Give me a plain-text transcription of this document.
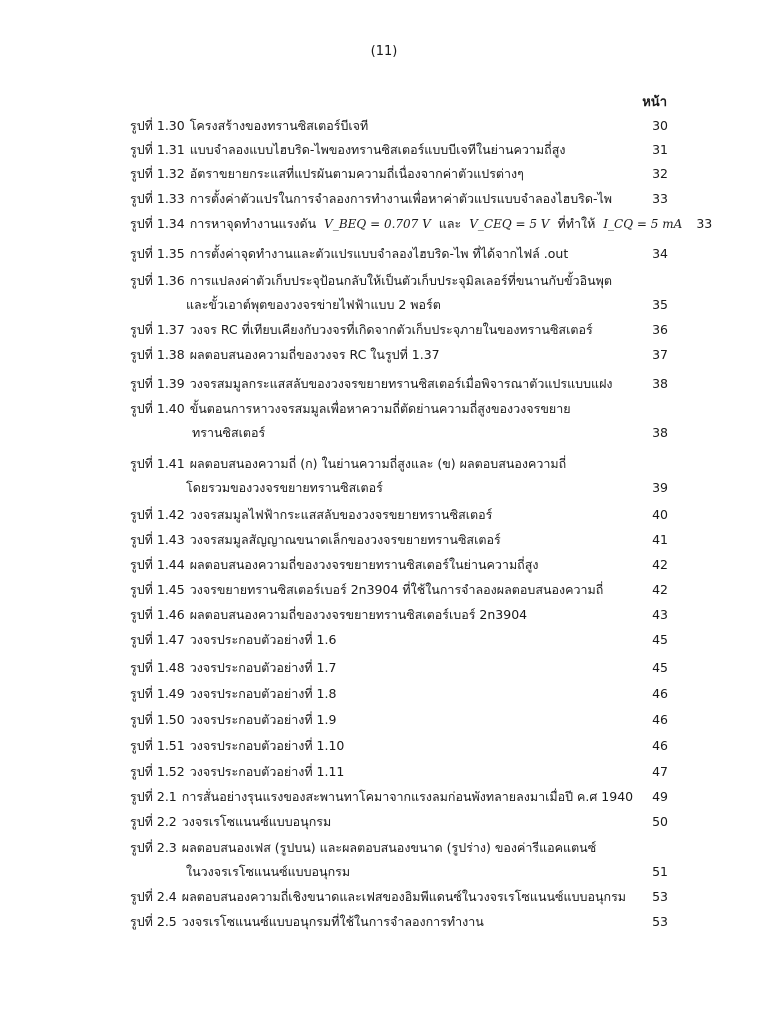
(11)
หน้า
รูปที่ 1.30 โครงสร้างของทรานซิสเตอร์บีเจที	30
รูปที่ 1.31 แบบจำลองแบบไฮบริด-ไพของทรานซิสเตอร์แบบบีเจทีในย่านความถี่สูง	31
รูปที่ 1.32 อัตราขยายกระแสที่แปรผันตามความถี่เนื่องจากค่าตัวแปรต่างๆ	32
รูปที่ 1.33 การตั้งค่าตัวแปรในการจำลองการทำงานเพื่อหาค่าตัวแปรแบบจำลองไฮบริด-ไพ	33
รูปที่ 1.34 การหาจุดทำงานแรงดัน V_BEQ = 0.707 V และ V_CEQ = 5 V ที่ทำให้ I_CQ = 5 mA	33
รูปที่ 1.35 การตั้งค่าจุดทำงานและตัวแปรแบบจำลองไฮบริด-ไพ ที่ได้จากไฟล์ .out	34
รูปที่ 1.36 การแปลงค่าตัวเก็บประจุป้อนกลับให้เป็นตัวเก็บประจุมิลเลอร์ที่ขนานกับขั้วอินพุต
และขั้วเอาต์พุตของวงจรข่ายไฟฟ้าแบบ 2 พอร์ต	35
รูปที่ 1.37 วงจร RC ที่เทียบเคียงกับวงจรที่เกิดจากตัวเก็บประจุภายในของทรานซิสเตอร์	36
รูปที่ 1.38 ผลตอบสนองความถี่ของวงจร RC ในรูปที่ 1.37	37
รูปที่ 1.39 วงจรสมมูลกระแสสลับของวงจรขยายทรานซิสเตอร์เมื่อพิจารณาตัวแปรแบบแฝง	38
รูปที่ 1.40 ขั้นตอนการหาวงจรสมมูลเพื่อหาความถี่ตัดย่านความถี่สูงของวงจรขยาย
ทรานซิสเตอร์	38
รูปที่ 1.41 ผลตอบสนองความถี่ (ก) ในย่านความถี่สูงและ (ข) ผลตอบสนองความถี่
โดยรวมของวงจรขยายทรานซิสเตอร์	39
รูปที่ 1.42 วงจรสมมูลไฟฟ้ากระแสสลับของวงจรขยายทรานซิสเตอร์	40
รูปที่ 1.43 วงจรสมมูลสัญญาณขนาดเล็กของวงจรขยายทรานซิสเตอร์	41
รูปที่ 1.44 ผลตอบสนองความถี่ของวงจรขยายทรานซิสเตอร์ในย่านความถี่สูง	42
รูปที่ 1.45 วงจรขยายทรานซิสเตอร์เบอร์ 2n3904 ที่ใช้ในการจำลองผลตอบสนองความถี่	42
รูปที่ 1.46 ผลตอบสนองความถี่ของวงจรขยายทรานซิสเตอร์เบอร์ 2n3904	43
รูปที่ 1.47 วงจรประกอบตัวอย่างที่ 1.6	45
รูปที่ 1.48 วงจรประกอบตัวอย่างที่ 1.7	45
รูปที่ 1.49 วงจรประกอบตัวอย่างที่ 1.8	46
รูปที่ 1.50 วงจรประกอบตัวอย่างที่ 1.9	46
รูปที่ 1.51 วงจรประกอบตัวอย่างที่ 1.10	46
รูปที่ 1.52 วงจรประกอบตัวอย่างที่ 1.11	47
รูปที่ 2.1 การสั่นอย่างรุนแรงของสะพานทาโคมาจากแรงลมก่อนพังทลายลงมาเมื่อปี ค.ศ 1940	49
รูปที่ 2.2 วงจรเรโซแนนซ์แบบอนุกรม	50
รูปที่ 2.3 ผลตอบสนองเฟส (รูปบน) และผลตอบสนองขนาด (รูปร่าง) ของค่ารีแอคแตนซ์
ในวงจรเรโซแนนซ์แบบอนุกรม	51
รูปที่ 2.4 ผลตอบสนองความถี่เชิงขนาดและเฟสของอิมพีแดนซ์ในวงจรเรโซแนนซ์แบบอนุกรม	53
รูปที่ 2.5 วงจรเรโซแนนซ์แบบอนุกรมที่ใช้ในการจำลองการทำงาน	53
